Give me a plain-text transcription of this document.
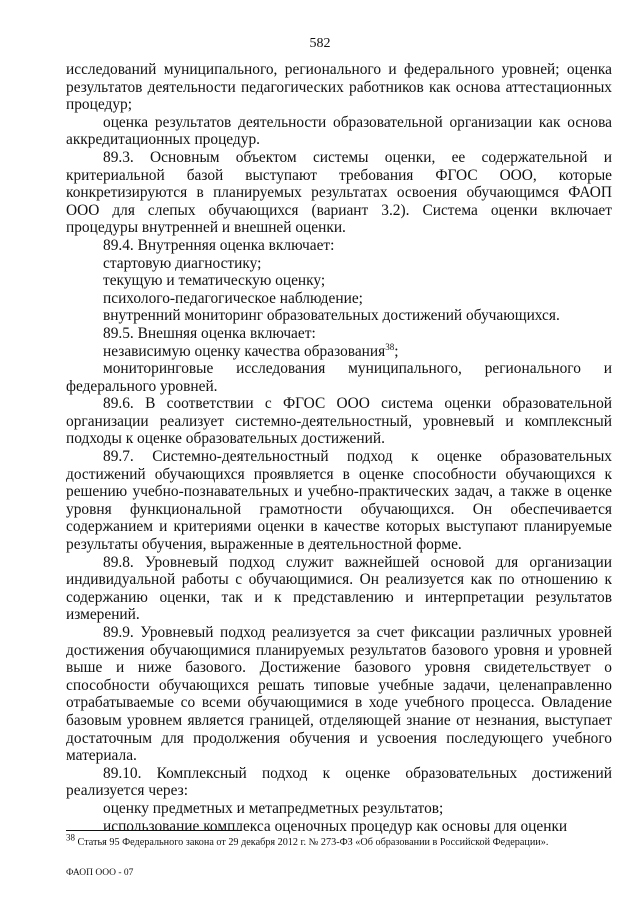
582

исследований муниципального, регионального и федерального уровней; оценка результатов деятельности педагогических работников как основа аттестационных процедур;

оценка результатов деятельности образовательной организации как основа аккредитационных процедур.

89.3. Основным объектом системы оценки, ее содержательной и критериальной базой выступают требования ФГОС ООО, которые конкретизируются в планируемых результатах освоения обучающимся ФАОП ООО для слепых обучающихся (вариант 3.2). Система оценки включает процедуры внутренней и внешней оценки.

89.4. Внутренняя оценка включает:

стартовую диагностику;

текущую и тематическую оценку;

психолого-педагогическое наблюдение;

внутренний мониторинг образовательных достижений обучающихся.

89.5. Внешняя оценка включает:

независимую оценку качества образования$^{38}$;

мониторинговые исследования муниципального, регионального и федерального уровней.

89.6. В соответствии с ФГОС ООО система оценки образовательной организации реализует системно-деятельностный, уровневый и комплексный подходы к оценке образовательных достижений.

89.7. Системно-деятельностный подход к оценке образовательных достижений обучающихся проявляется в оценке способности обучающихся к решению учебно-познавательных и учебно-практических задач, а также в оценке уровня функциональной грамотности обучающихся. Он обеспечивается содержанием и критериями оценки в качестве которых выступают планируемые результаты обучения, выраженные в деятельностной форме.

89.8. Уровневый подход служит важнейшей основой для организации индивидуальной работы с обучающимися. Он реализуется как по отношению к содержанию оценки, так и к представлению и интерпретации результатов измерений.

89.9. Уровневый подход реализуется за счет фиксации различных уровней достижения обучающимися планируемых результатов базового уровня и уровней выше и ниже базового. Достижение базового уровня свидетельствует о способности обучающихся решать типовые учебные задачи, целенаправленно отрабатываемые со всеми обучающимися в ходе учебного процесса. Овладение базовым уровнем является границей, отделяющей знание от незнания, выступает достаточным для продолжения обучения и усвоения последующего учебного материала.

89.10. Комплексный подход к оценке образовательных достижений реализуется через:

оценку предметных и метапредметных результатов;

использование комплекса оценочных процедур как основы для оценки

$^{38}$ Статья 95 Федерального закона от 29 декабря 2012 г. № 273-ФЗ «Об образовании в Российской Федерации».
ФАОП ООО - 07
